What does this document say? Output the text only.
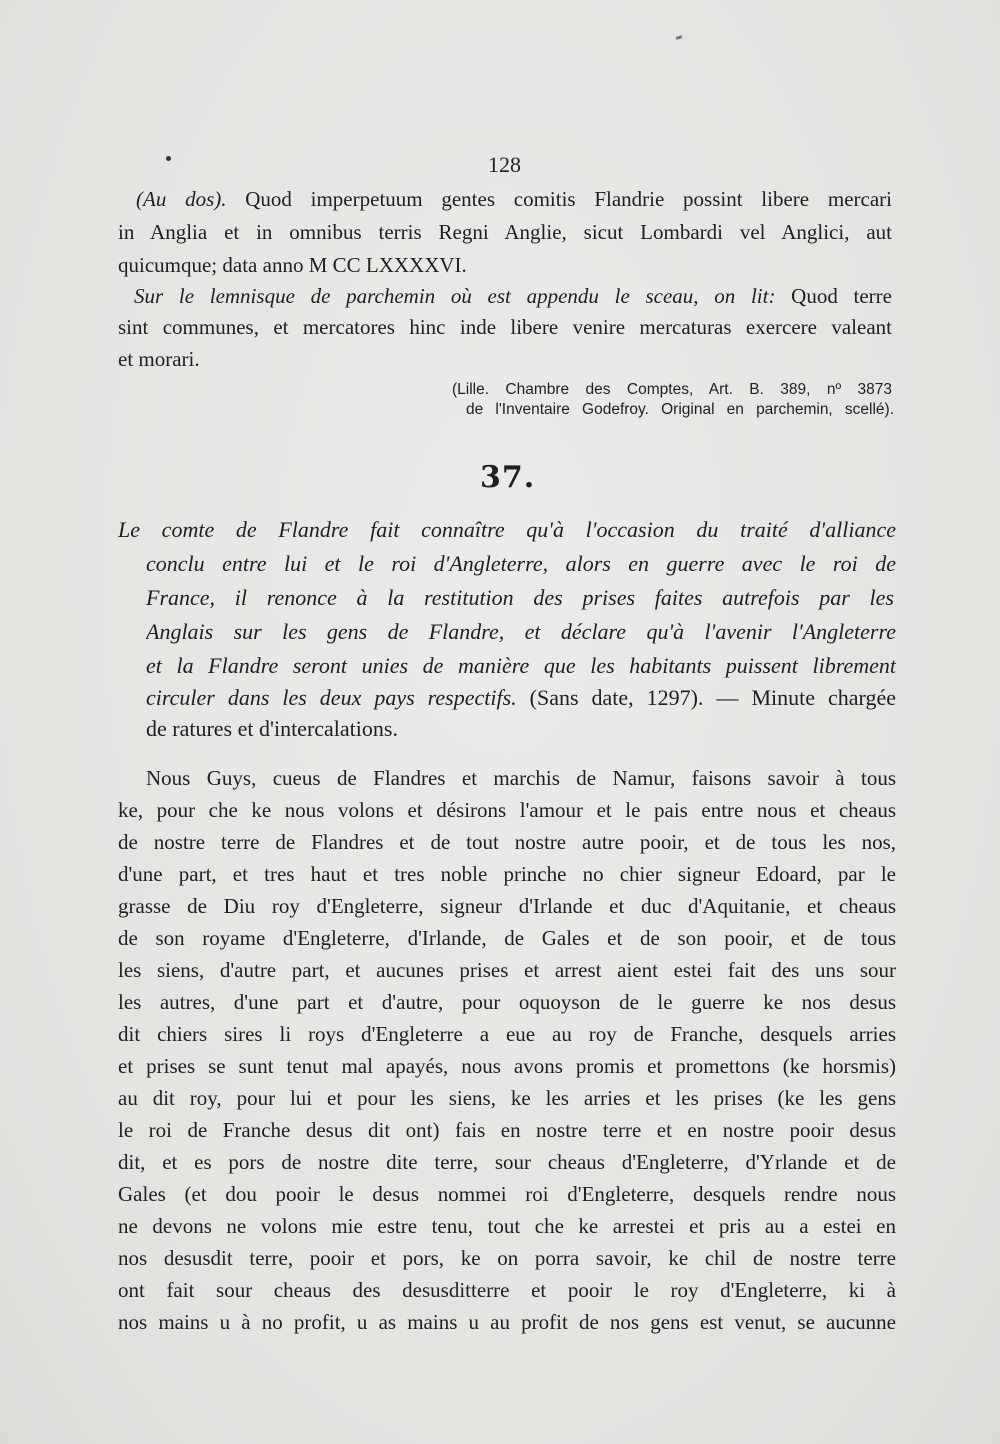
128

(Au dos). Quod imperpetuum gentes comitis Flandrie possint libere mercari

in Anglia et in omnibus terris Regni Anglie, sicut Lombardi vel Anglici, aut

quicumque; data anno M CC LXXXXVI.

Sur le lemnisque de parchemin où est appendu le sceau, on lit: Quod terre

sint communes, et mercatores hinc inde libere venire mercaturas exercere valeant

et morari.

(Lille. Chambre des Comptes, Art. B. 389, nº 3873

de l'Inventaire Godefroy. Original en parchemin, scellé).

37.

Le comte de Flandre fait connaître qu'à l'occasion du traité d'alliance

conclu entre lui et le roi d'Angleterre, alors en guerre avec le roi de

France, il renonce à la restitution des prises faites autrefois par les

Anglais sur les gens de Flandre, et déclare qu'à l'avenir l'Angleterre

et la Flandre seront unies de manière que les habitants puissent librement

circuler dans les deux pays respectifs. (Sans date, 1297). — Minute chargée

de ratures et d'intercalations.

Nous Guys, cueus de Flandres et marchis de Namur, faisons savoir à tous

ke, pour che ke nous volons et désirons l'amour et le pais entre nous et cheaus

de nostre terre de Flandres et de tout nostre autre pooir, et de tous les nos,

d'une part, et tres haut et tres noble princhе no chier signeur Edoard, par le

grasse de Diu roy d'Engleterre, signeur d'Irlande et duc d'Aquitanie, et cheaus

de son royame d'Engleterre, d'Irlande, de Gales et de son pooir, et de tous

les siens, d'autre part, et aucunes prises et arrest aient estei fait des uns sour

les autres, d'une part et d'autre, pour oquoyson de le guerre ke nos desus

dit chiers sires li roys d'Engleterre a eue au roy de Franche, desquels arries

et prises se sunt tenut mal apayés, nous avons promis et promettons (ke horsmis)

au dit roy, pour lui et pour les siens, ke les arries et les prises (ke les gens

le roi de Franche desus dit ont) fais en nostre terre et en nostre pooir desus

dit, et es pors de nostre dite terre, sour cheaus d'Engleterre, d'Yrlande et de

Gales (et dou pooir le desus nommei roi d'Engleterre, desquels rendre nous

ne devons ne volons mie estre tenu, tout che ke arrestei et pris au a estei en

nos desusdit terre, pooir et pors, ke on porra savoir, ke chil de nostre terre

ont fait sour cheaus des desusditterre et pooir le roy d'Engleterre, ki à

nos mains u à no profit, u as mains u au profit de nos gens est venut, se aucunne
